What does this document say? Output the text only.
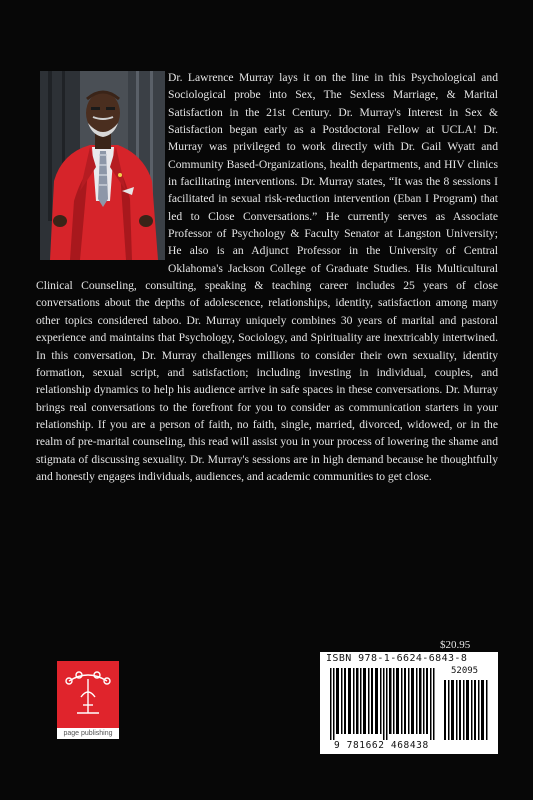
Dr. Lawrence Murray lays it on the line in this Psychological and Sociological probe into Sex, The Sexless Marriage, & Marital Satisfaction in the 21st Century. Dr. Murray's Interest in Sex & Satisfaction began early as a Postdoctoral Fellow at UCLA! Dr. Murray was privileged to work directly with Dr. Gail Wyatt and Community Based-Organizations, health departments, and HIV clinics in facilitating interventions. Dr. Murray states, “It was the 8 sessions I facilitated in sexual risk-reduction intervention (Eban I Program) that led to Close Conversations.” He currently serves as Associate Professor of Psychology & Faculty Senator at Langston University; He also is an Adjunct Professor in the University of Central Oklahoma's Jackson College of Graduate Studies. His Multicultural Clinical Counseling, consulting, speaking & teaching career includes 25 years of close conversations about the depths of adolescence, relationships, identity, satisfaction among many other topics considered taboo. Dr. Murray uniquely combines 30 years of marital and pastoral experience and maintains that Psychology, Sociology, and Spirituality are inextricably intertwined. In this conversation, Dr. Murray challenges millions to consider their own sexuality, identity formation, sexual script, and satisfaction; including investing in individual, couples, and relationship dynamics to help his audience arrive in safe spaces in these conversations. Dr. Murray brings real conversations to the forefront for you to consider as communication starters in your relationship. If you are a person of faith, no faith, single, married, divorced, widowed, or in the realm of pre-marital counseling, this read will assist you in your process of lowering the shame and stigmata of discussing sexuality. Dr. Murray's sessions are in high demand because he thoughtfully and honestly engages individuals, audiences, and academic communities to get close.

$20.95

ISBN 978-1-6624-6843-8

52095

9 781662 468438

page publishing
